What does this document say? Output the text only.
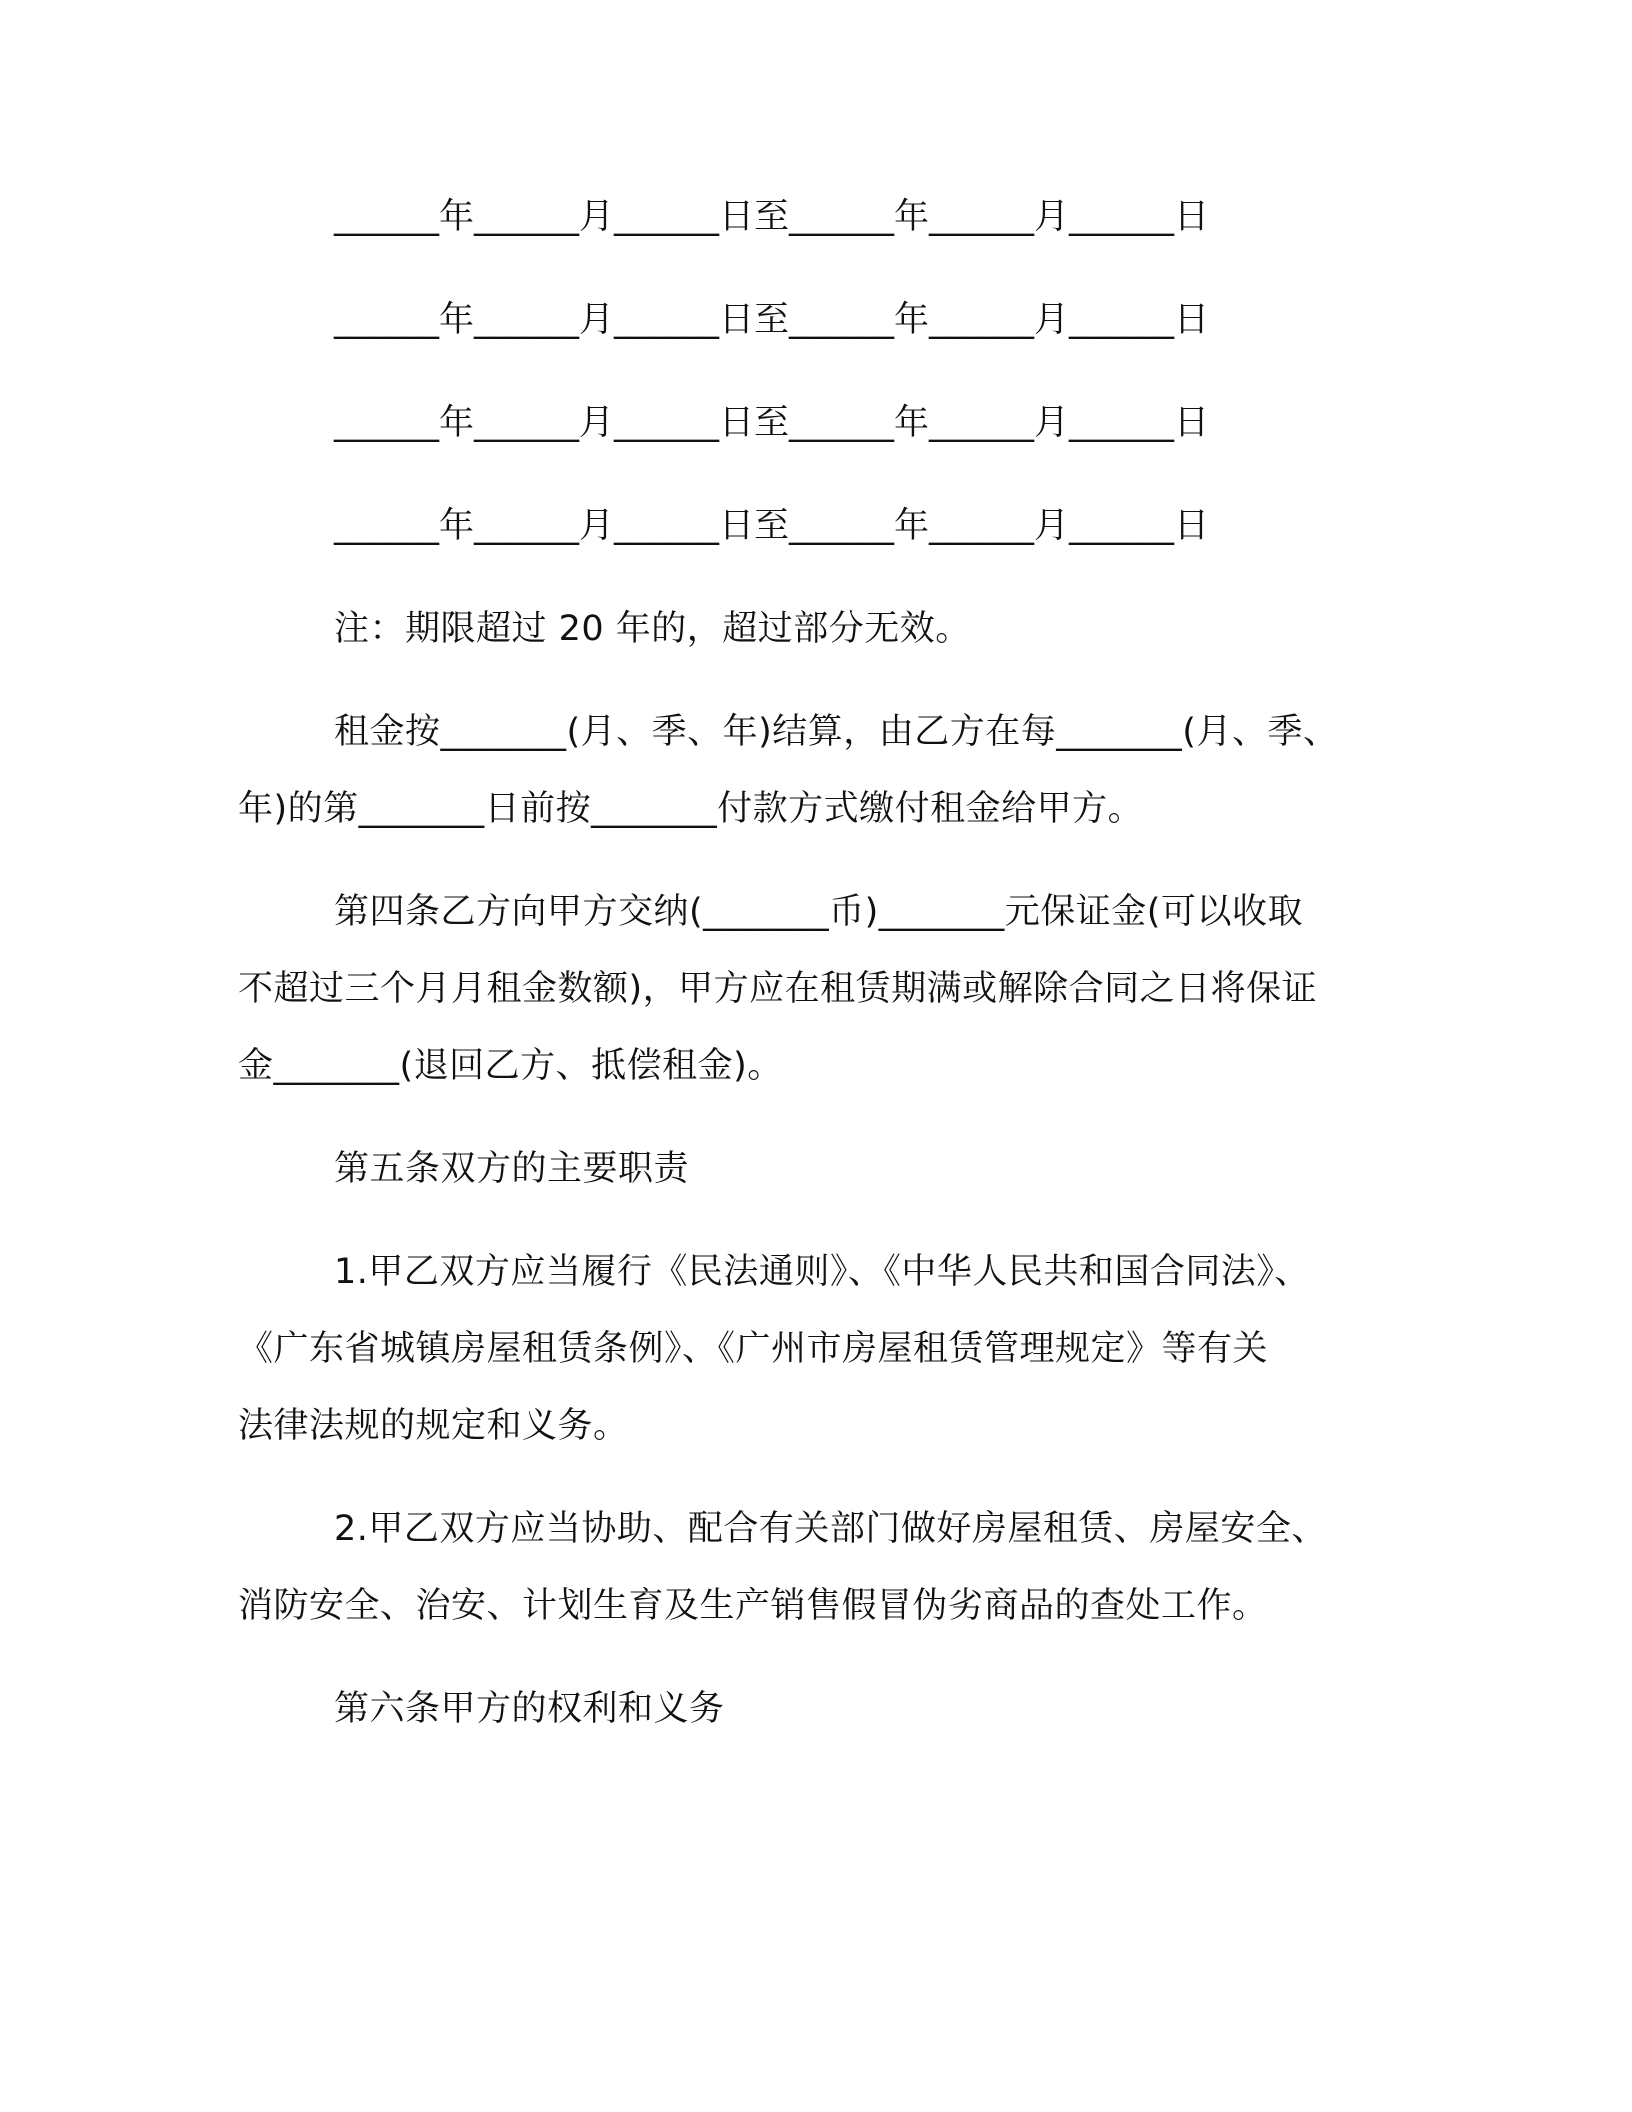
______年______月______日至______年______月______日

______年______月______日至______年______月______日

______年______月______日至______年______月______日

______年______月______日至______年______月______日

注：期限超过 20 年的，超过部分无效。

租金按_______(月、季、年)结算，由乙方在每_______(月、季、

年)的第_______日前按_______付款方式缴付租金给甲方。

第四条乙方向甲方交纳(_______币)_______元保证金(可以收取

不超过三个月月租金数额)，甲方应在租赁期满或解除合同之日将保证

金_______(退回乙方、抵偿租金)。

第五条双方的主要职责

1.甲乙双方应当履行《民法通则》、《中华人民共和国合同法》、

《广东省城镇房屋租赁条例》、《广州市房屋租赁管理规定》等有关

法律法规的规定和义务。

2.甲乙双方应当协助、配合有关部门做好房屋租赁、房屋安全、

消防安全、治安、计划生育及生产销售假冒伪劣商品的查处工作。

第六条甲方的权利和义务
